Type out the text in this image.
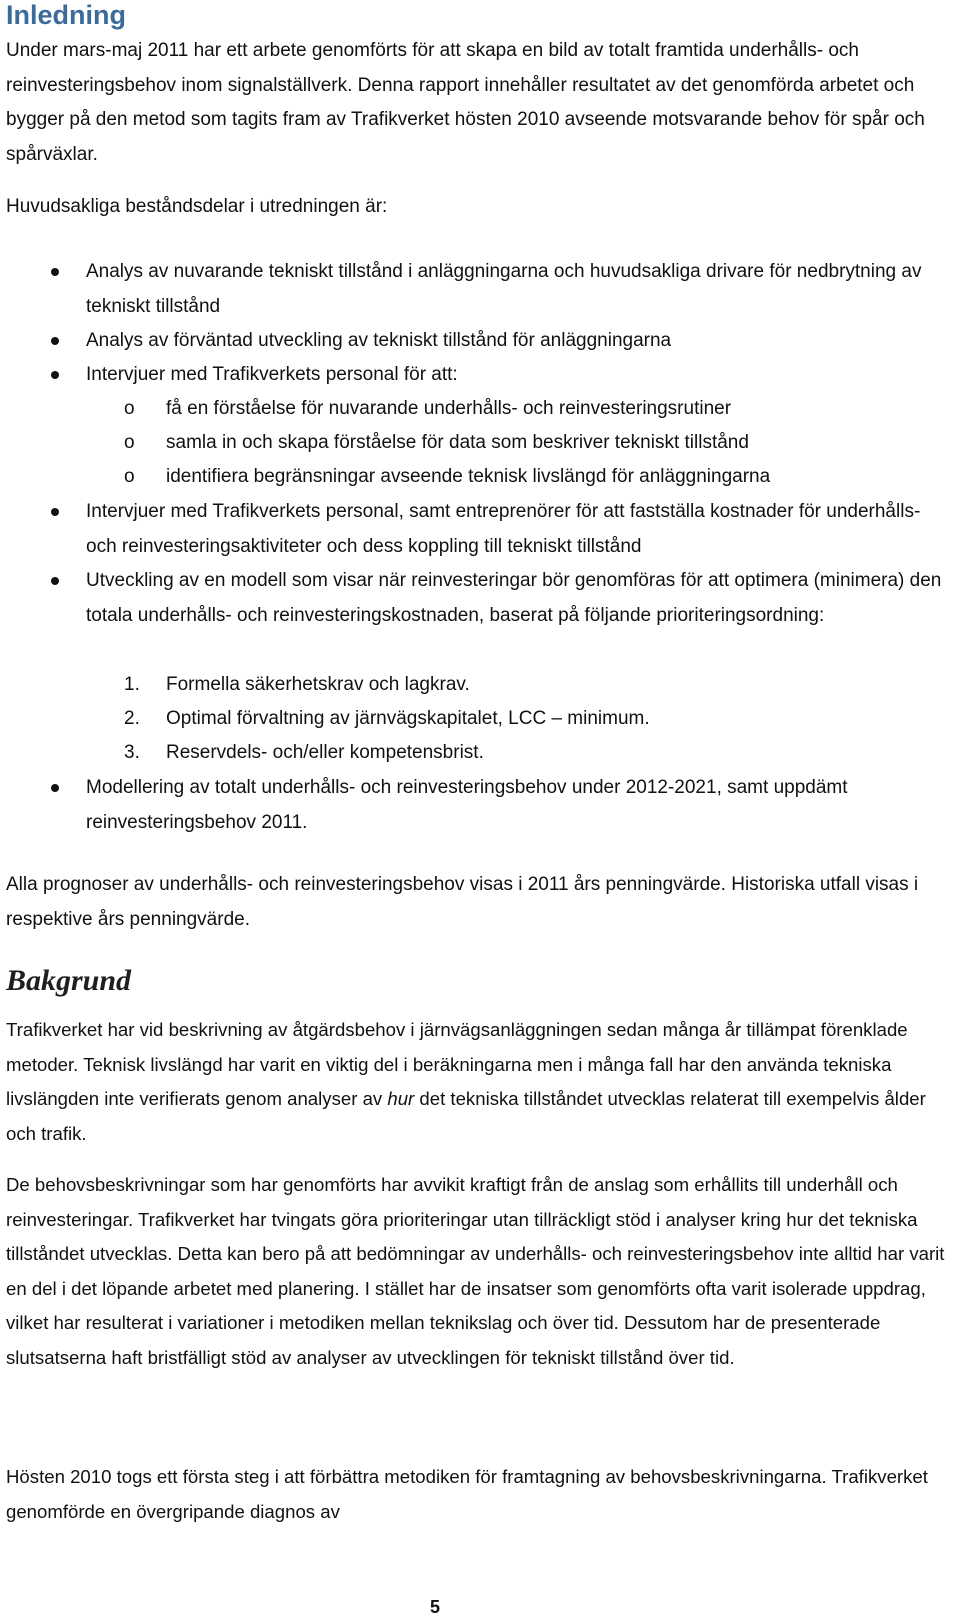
Inledning

Under mars-maj 2011 har ett arbete genomförts för att skapa en bild av totalt framtida underhålls- och reinvesteringsbehov inom signalställverk. Denna rapport innehåller resultatet av det genomförda arbetet och bygger på den metod som tagits fram av Trafikverket hösten 2010 avseende motsvarande behov för spår och spårväxlar.

Huvudsakliga beståndsdelar i utredningen är:

Analys av nuvarande tekniskt tillstånd i anläggningarna och huvudsakliga drivare för nedbrytning av tekniskt tillstånd

Analys av förväntad utveckling av tekniskt tillstånd för anläggningarna

Intervjuer med Trafikverkets personal för att:

o få en förståelse för nuvarande underhålls- och reinvesteringsrutiner
o samla in och skapa förståelse för data som beskriver tekniskt tillstånd
o identifiera begränsningar avseende teknisk livslängd för anläggningarna

Intervjuer med Trafikverkets personal, samt entreprenörer för att fastställa kostnader för underhålls- och reinvesteringsaktiviteter och dess koppling till tekniskt tillstånd

Utveckling av en modell som visar när reinvesteringar bör genomföras för att optimera (minimera) den totala underhålls- och reinvesteringskostnaden, baserat på följande prioriteringsordning:

1. Formella säkerhetskrav och lagkrav.
2. Optimal förvaltning av järnvägskapitalet, LCC – minimum.
3. Reservdels- och/eller kompetensbrist.

Modellering av totalt underhålls- och reinvesteringsbehov under 2012-2021, samt uppdämt reinvesteringsbehov 2011.

Alla prognoser av underhålls- och reinvesteringsbehov visas i 2011 års penningvärde. Historiska utfall visas i respektive års penningvärde.

Bakgrund

Trafikverket har vid beskrivning av åtgärdsbehov i järnvägsanläggningen sedan många år tillämpat förenklade metoder. Teknisk livslängd har varit en viktig del i beräkningarna men i många fall har den använda tekniska livslängden inte verifierats genom analyser av hur det tekniska tillståndet utvecklas relaterat till exempelvis ålder och trafik.

De behovsbeskrivningar som har genomförts har avvikit kraftigt från de anslag som erhållits till underhåll och reinvesteringar. Trafikverket har tvingats göra prioriteringar utan tillräckligt stöd i analyser kring hur det tekniska tillståndet utvecklas. Detta kan bero på att bedömningar av underhålls- och reinvesteringsbehov inte alltid har varit en del i det löpande arbetet med planering. I stället har de insatser som genomförts ofta varit isolerade uppdrag, vilket har resulterat i variationer i metodiken mellan teknikslag och över tid. Dessutom har de presenterade slutsatserna haft bristfälligt stöd av analyser av utvecklingen för tekniskt tillstånd över tid.

Hösten 2010 togs ett första steg i att förbättra metodiken för framtagning av behovsbeskrivningarna. Trafikverket genomförde en övergripande diagnos av

5
